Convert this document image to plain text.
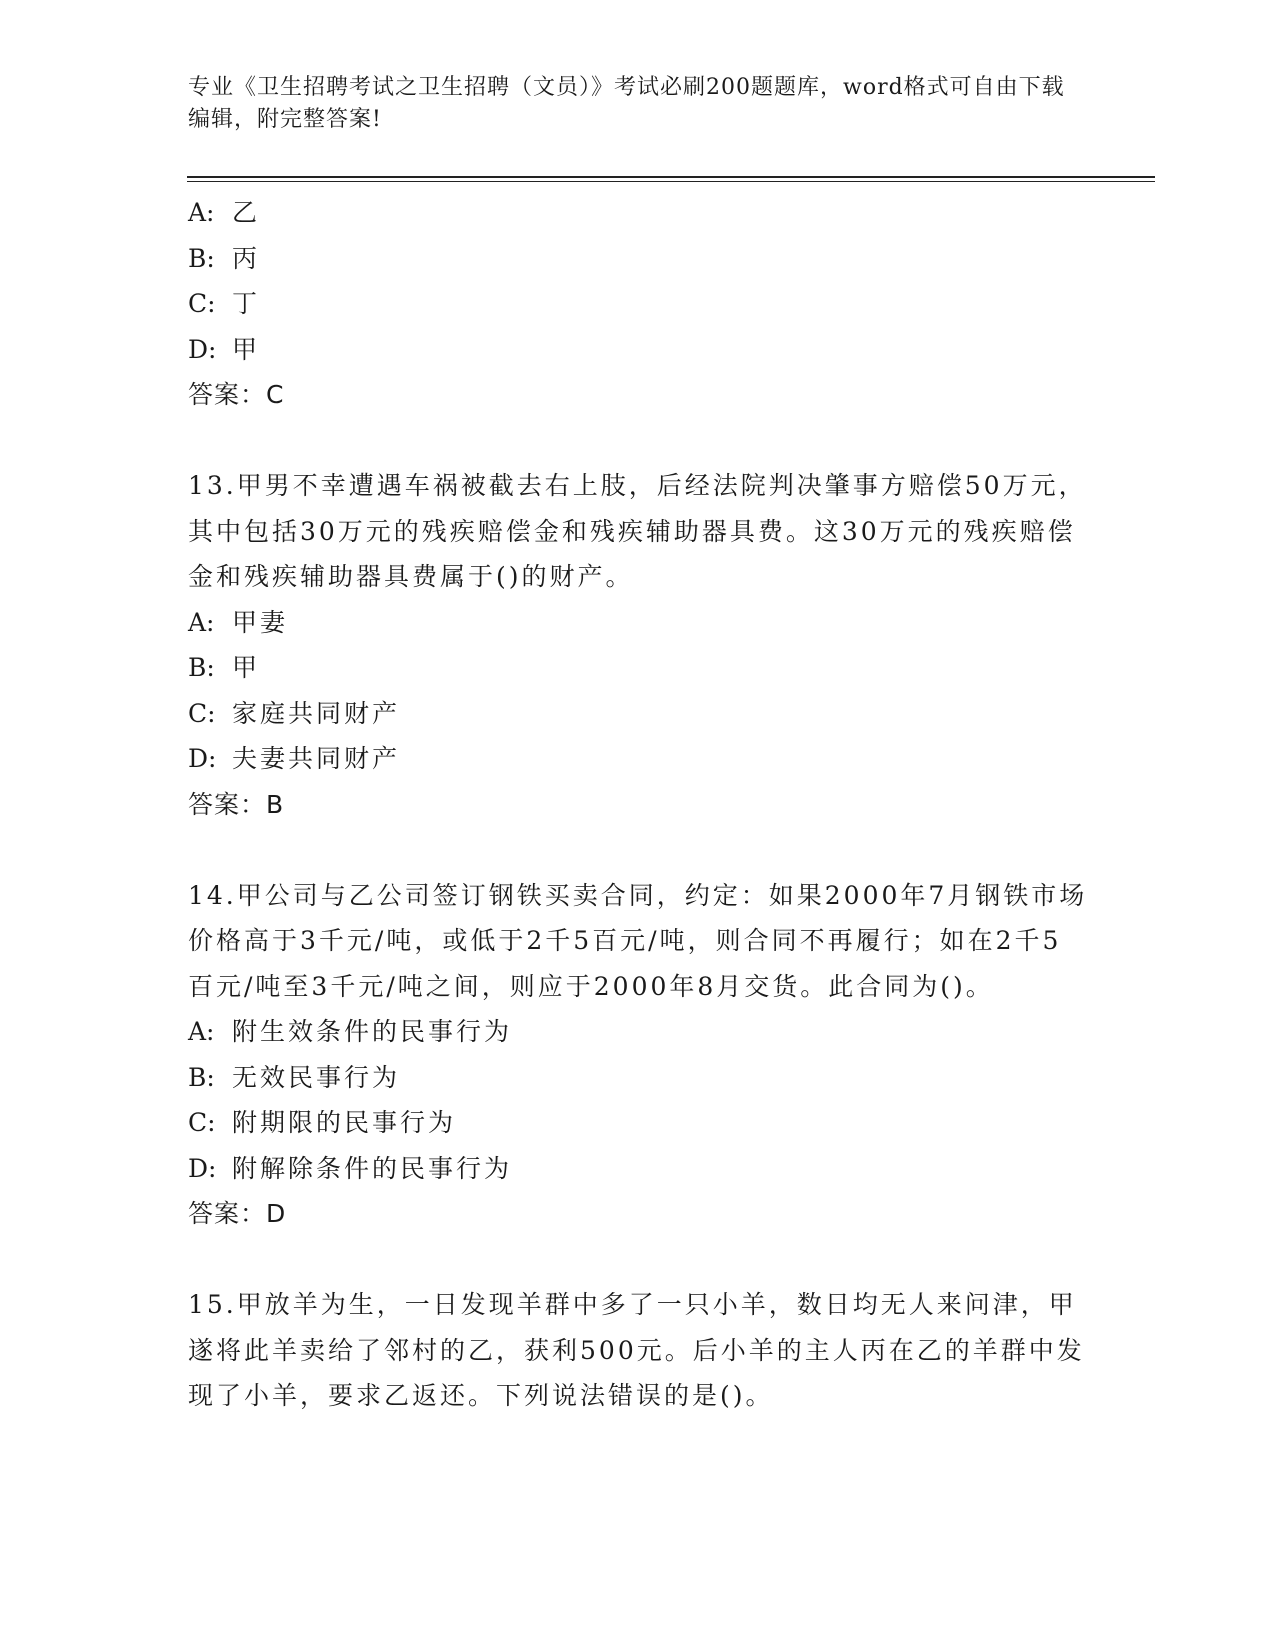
专业《卫生招聘考试之卫生招聘（文员）》考试必刷200题题库，word格式可自由下载编辑，附完整答案!
A: 乙
B: 丙
C: 丁
D: 甲
答案：C
13.甲男不幸遭遇车祸被截去右上肢，后经法院判决肇事方赔偿50万元，其中包括30万元的残疾赔偿金和残疾辅助器具费。这30万元的残疾赔偿金和残疾辅助器具费属于()的财产。
A: 甲妻
B: 甲
C: 家庭共同财产
D: 夫妻共同财产
答案：B
14.甲公司与乙公司签订钢铁买卖合同，约定：如果2000年7月钢铁市场价格高于3千元/吨，或低于2千5百元/吨，则合同不再履行；如在2千5百元/吨至3千元/吨之间，则应于2000年8月交货。此合同为()。
A: 附生效条件的民事行为
B: 无效民事行为
C: 附期限的民事行为
D: 附解除条件的民事行为
答案：D
15.甲放羊为生，一日发现羊群中多了一只小羊，数日均无人来问津，甲遂将此羊卖给了邻村的乙，获利500元。后小羊的主人丙在乙的羊群中发现了小羊，要求乙返还。下列说法错误的是()。
